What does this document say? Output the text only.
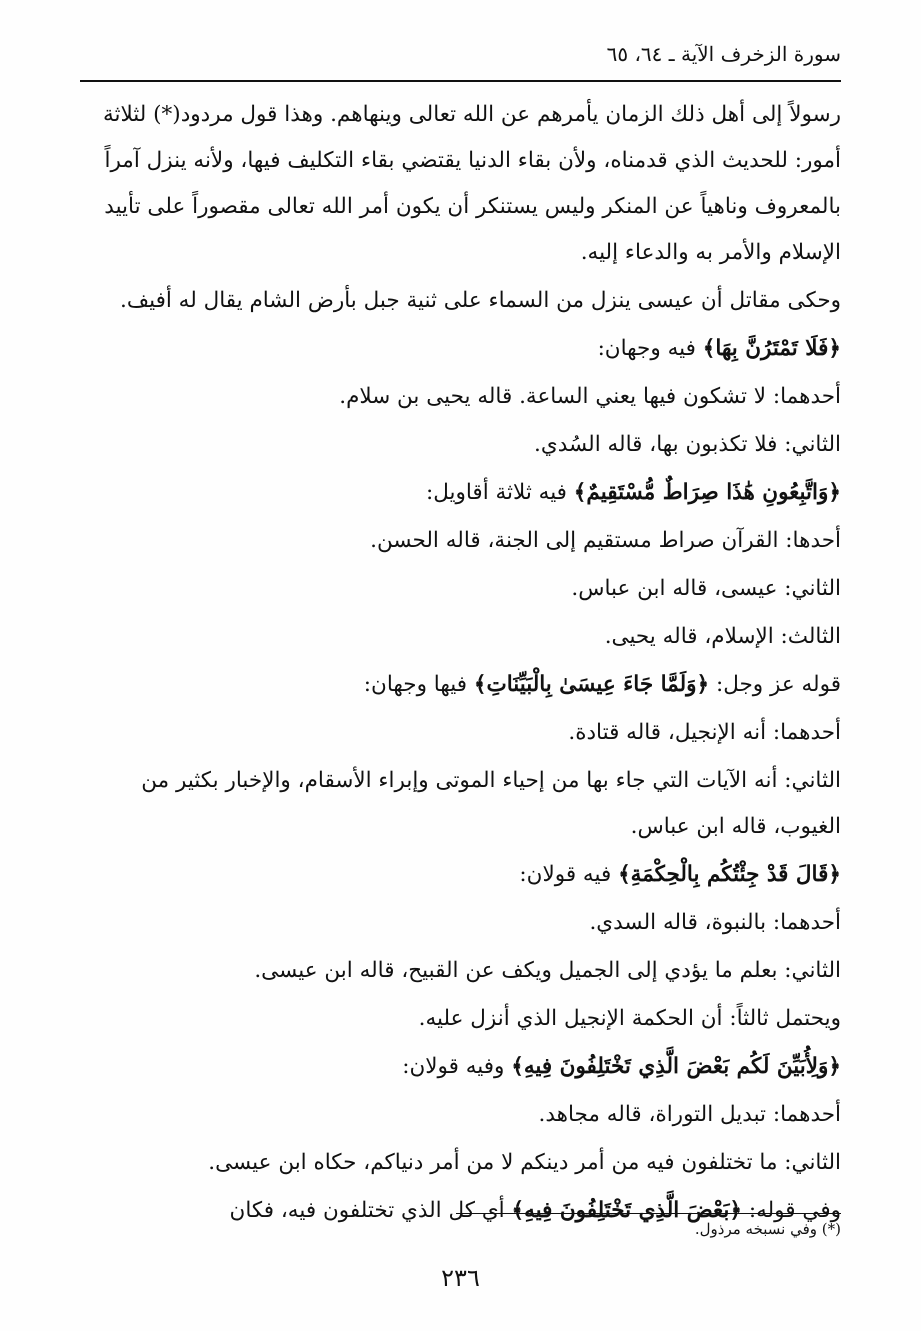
سورة الزخرف الآية ـ ٦٤، ٦٥

رسولاً إلى أهل ذلك الزمان يأمرهم عن الله تعالى وينهاهم. وهذا قول مردود(*) لثلاثة أمور: للحديث الذي قدمناه، ولأن بقاء الدنيا يقتضي بقاء التكليف فيها، ولأنه ينزل آمراً بالمعروف وناهياً عن المنكر وليس يستنكر أن يكون أمر الله تعالى مقصوراً على تأييد الإسلام والأمر به والدعاء إليه.

وحكى مقاتل أن عيسى ينزل من السماء على ثنية جبل بأرض الشام يقال له أفيف.

﴿فَلَا تَمْتَرُنَّ بِهَا﴾ فيه وجهان:

أحدهما: لا تشكون فيها يعني الساعة. قاله يحيى بن سلام.

الثاني: فلا تكذبون بها، قاله السُدي.

﴿وَاتَّبِعُونِ هَٰذَا صِرَاطٌ مُّسْتَقِيمٌ﴾ فيه ثلاثة أقاويل:

أحدها: القرآن صراط مستقيم إلى الجنة، قاله الحسن.

الثاني: عيسى، قاله ابن عباس.

الثالث: الإسلام، قاله يحيى.

قوله عز وجل: ﴿وَلَمَّا جَاءَ عِيسَىٰ بِالْبَيِّنَاتِ﴾ فيها وجهان:

أحدهما: أنه الإنجيل، قاله قتادة.

الثاني: أنه الآيات التي جاء بها من إحياء الموتى وإبراء الأسقام، والإخبار بكثير من الغيوب، قاله ابن عباس.

﴿قَالَ قَدْ جِئْتُكُم بِالْحِكْمَةِ﴾ فيه قولان:

أحدهما: بالنبوة، قاله السدي.

الثاني: بعلم ما يؤدي إلى الجميل ويكف عن القبيح، قاله ابن عيسى.

ويحتمل ثالثاً: أن الحكمة الإنجيل الذي أنزل عليه.

﴿وَلِأُبَيِّنَ لَكُم بَعْضَ الَّذِي تَخْتَلِفُونَ فِيهِ﴾ وفيه قولان:

أحدهما: تبديل التوراة، قاله مجاهد.

الثاني: ما تختلفون فيه من أمر دينكم لا من أمر دنياكم، حكاه ابن عيسى.

وفي قوله: ﴿بَعْضَ الَّذِي تَخْتَلِفُونَ فِيهِ﴾ أي كل الذي تختلفون فيه، فكان

(*) وفي نسبخه مرذول.
٢٣٦
